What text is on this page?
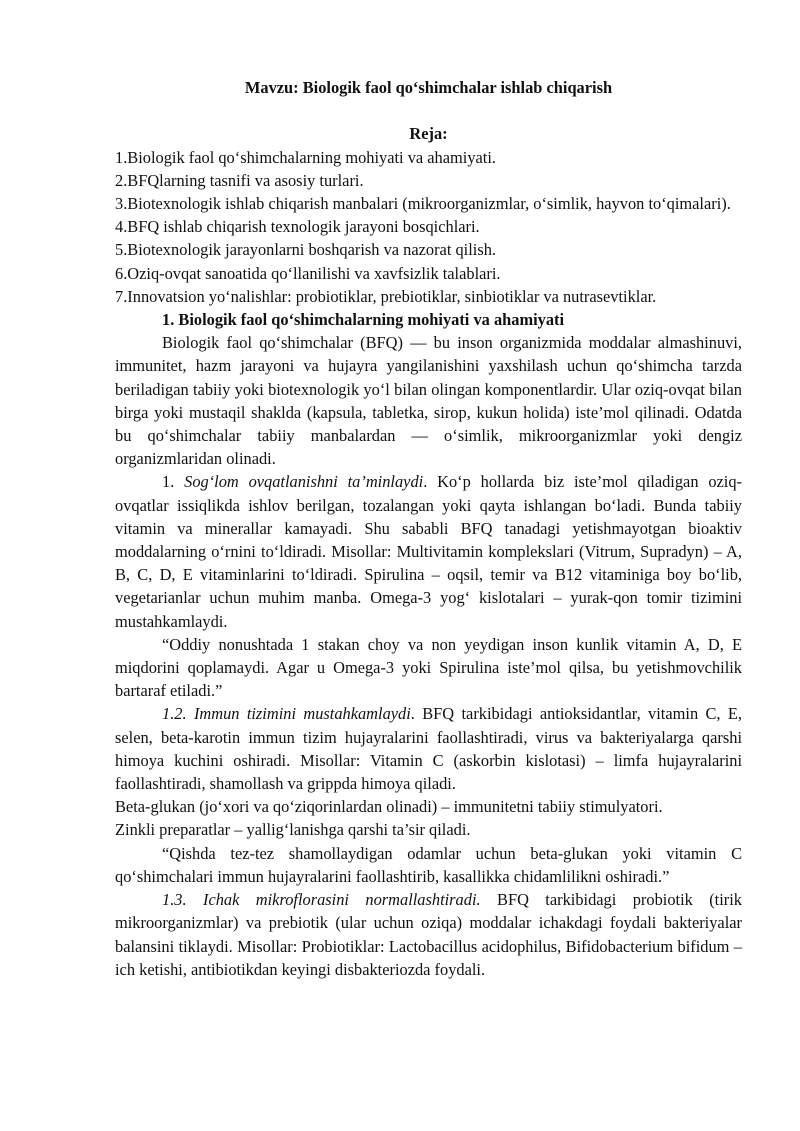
Mavzu: Biologik faol qo‘shimchalar ishlab chiqarish

Reja:

1.Biologik faol qo‘shimchalarning mohiyati va ahamiyati.

2.BFQlarning tasnifi va asosiy turlari.

3.Biotexnologik ishlab chiqarish manbalari (mikroorganizmlar, o‘simlik, hayvon to‘qimalari).

4.BFQ ishlab chiqarish texnologik jarayoni bosqichlari.

5.Biotexnologik jarayonlarni boshqarish va nazorat qilish.

6.Oziq-ovqat sanoatida qo‘llanilishi va xavfsizlik talablari.

7.Innovatsion yo‘nalishlar: probiotiklar, prebiotiklar, sinbiotiklar va nutrasevtiklar.

1. Biologik faol qo‘shimchalarning mohiyati va ahamiyati

Biologik faol qo‘shimchalar (BFQ) — bu inson organizmida moddalar almashinuvi, immunitet, hazm jarayoni va hujayra yangilanishini yaxshilash uchun qo‘shimcha tarzda beriladigan tabiiy yoki biotexnologik yo‘l bilan olingan komponentlardir. Ular oziq-ovqat bilan birga yoki mustaqil shaklda (kapsula, tabletka, sirop, kukun holida) iste’mol qilinadi. Odatda bu qo‘shimchalar tabiiy manbalardan — o‘simlik, mikroorganizmlar yoki dengiz organizmlaridan olinadi.

1. Sog‘lom ovqatlanishni ta’minlaydi. Ko‘p hollarda biz iste’mol qiladigan oziq-ovqatlar issiqlikda ishlov berilgan, tozalangan yoki qayta ishlangan bo‘ladi. Bunda tabiiy vitamin va minerallar kamayadi. Shu sababli BFQ tanadagi yetishmayotgan bioaktiv moddalarning o‘rnini to‘ldiradi. Misollar: Multivitamin komplekslari (Vitrum, Supradyn) – A, B, C, D, E vitaminlarini to‘ldiradi. Spirulina – oqsil, temir va B12 vitaminiga boy bo‘lib, vegetarianlar uchun muhim manba. Omega-3 yog‘ kislotalari – yurak-qon tomir tizimini mustahkamlaydi.

“Oddiy nonushtada 1 stakan choy va non yeydigan inson kunlik vitamin A, D, E miqdorini qoplamaydi. Agar u Omega-3 yoki Spirulina iste’mol qilsa, bu yetishmovchilik bartaraf etiladi.”

1.2. Immun tizimini mustahkamlaydi. BFQ tarkibidagi antioksidantlar, vitamin C, E, selen, beta-karotin immun tizim hujayralarini faollashtiradi, virus va bakteriyalarga qarshi himoya kuchini oshiradi. Misollar: Vitamin C (askorbin kislotasi) – limfa hujayralarini faollashtiradi, shamollash va grippda himoya qiladi.

Beta-glukan (jo‘xori va qo‘ziqorinlardan olinadi) – immunitetni tabiiy stimulyatori.

Zinkli preparatlar – yallig‘lanishga qarshi ta’sir qiladi.

“Qishda tez-tez shamollaydigan odamlar uchun beta-glukan yoki vitamin C qo‘shimchalari immun hujayralarini faollashtirib, kasallikka chidamlilikni oshiradi.”

1.3. Ichak mikroflorasini normallashtiradi. BFQ tarkibidagi probiotik (tirik mikroorganizmlar) va prebiotik (ular uchun oziqa) moddalar ichakdagi foydali bakteriyalar balansini tiklaydi. Misollar: Probiotiklar: Lactobacillus acidophilus, Bifidobacterium bifidum – ich ketishi, antibiotikdan keyingi disbakteriozda foydali.
